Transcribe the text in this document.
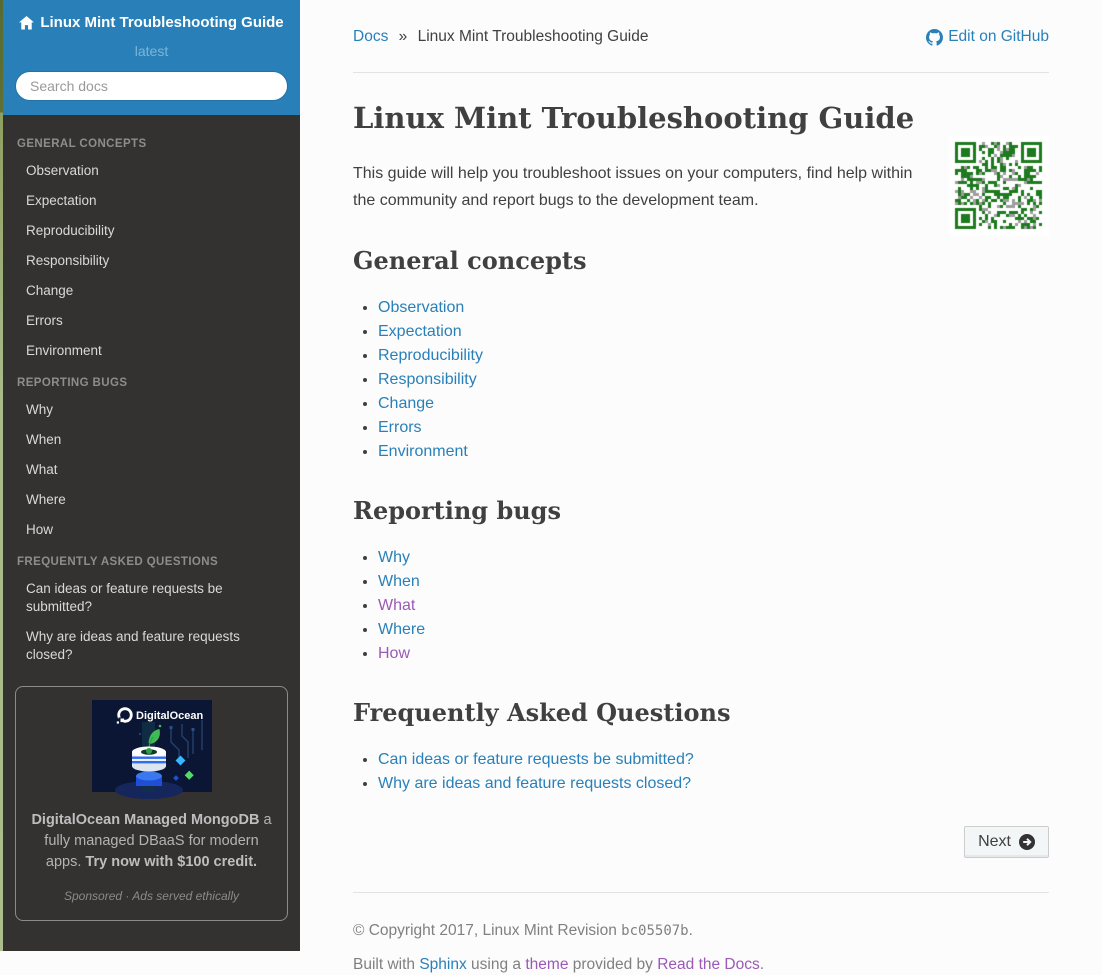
Linux Mint Troubleshooting Guide
latest
Search docs

GENERAL CONCEPTS

Observation
Expectation
Reproducibility
Responsibility
Change
Errors
Environment

REPORTING BUGS

Why
When
What
Where
How

FREQUENTLY ASKED QUESTIONS

Can ideas or feature requests be submitted?
Why are ideas and feature requests closed?
DigitalOcean
DigitalOcean Managed MongoDB a fully managed DBaaS for modern apps. Try now with $100 credit.
Sponsored · Ads served ethically
Docs » Linux Mint Troubleshooting Guide	Edit on GitHub
Linux Mint Troubleshooting Guide

This guide will help you troubleshoot issues on your computers, find help within the community and report bugs to the development team.

General concepts
• Observation
• Expectation
• Reproducibility
• Responsibility
• Change
• Errors
• Environment
Reporting bugs
• Why
• When
• What
• Where
• How
Frequently Asked Questions
• Can ideas or feature requests be submitted?
• Why are ideas and feature requests closed?
Next

© Copyright 2017, Linux Mint Revision bc05507b.

Built with Sphinx using a theme provided by Read the Docs.
